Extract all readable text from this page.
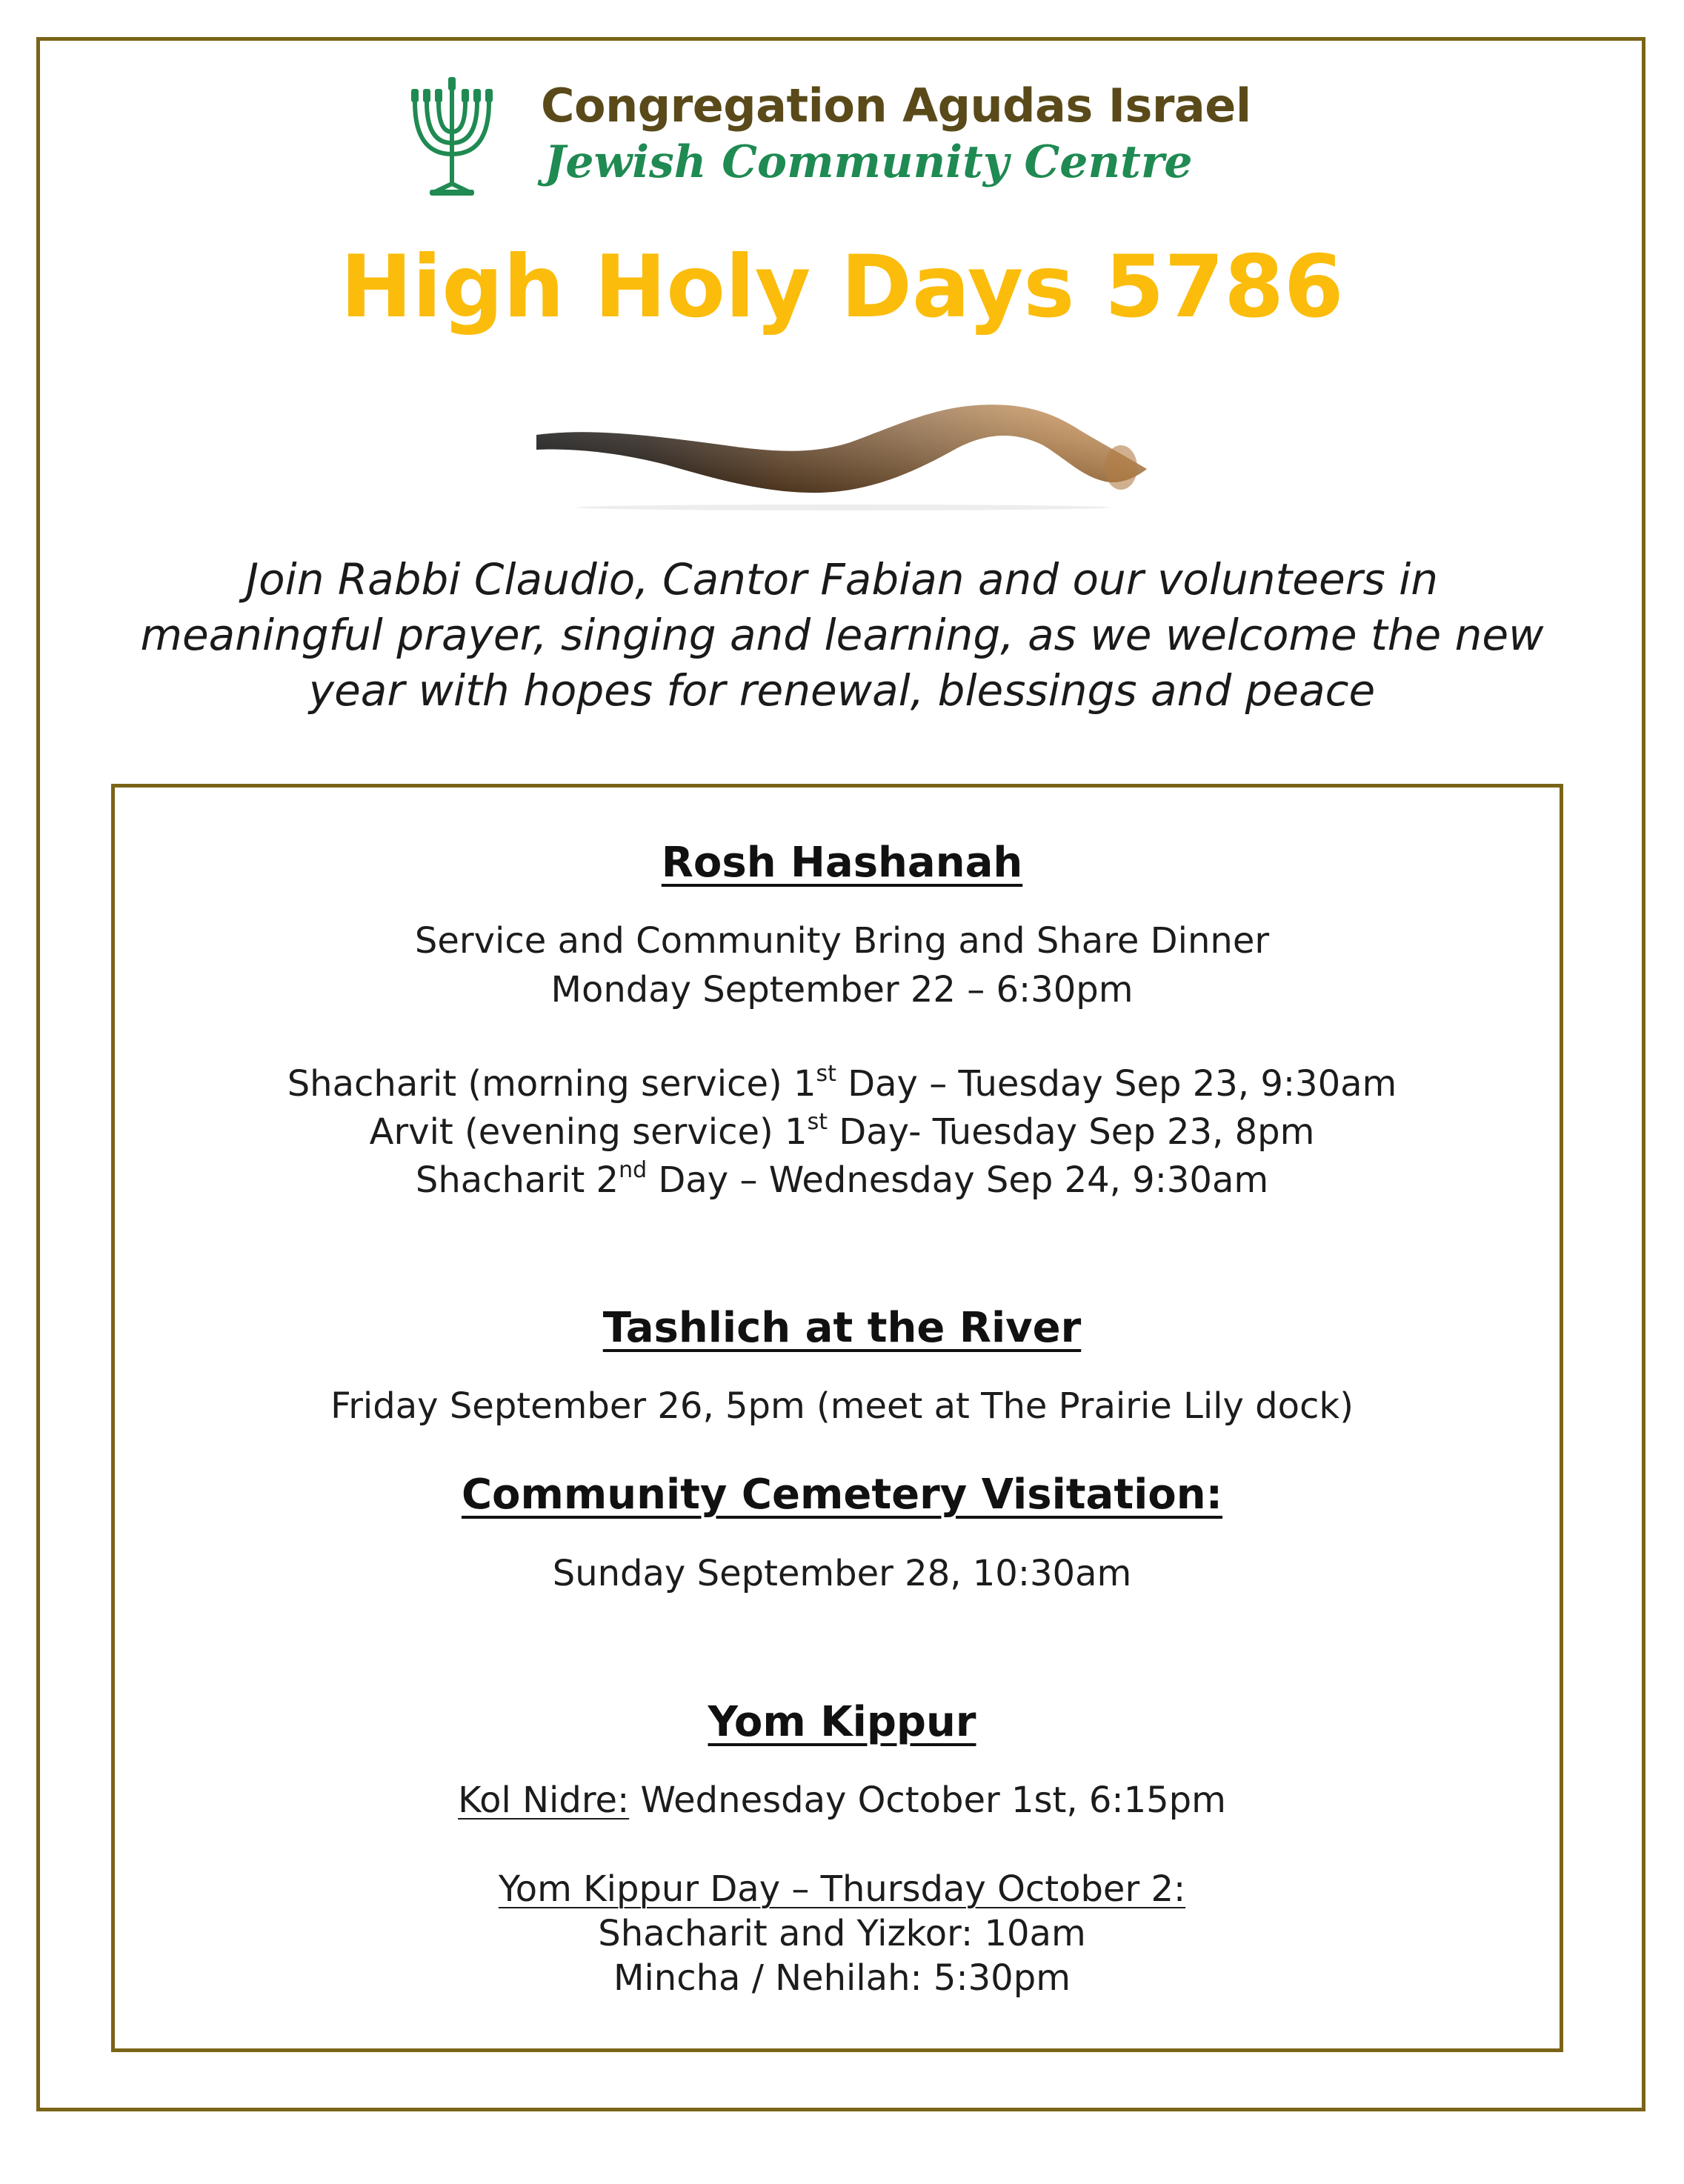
Congregation Agudas Israel
Jewish Community Centre
High Holy Days 5786
Join Rabbi Claudio, Cantor Fabian and our volunteers in
meaningful prayer, singing and learning, as we welcome the new
year with hopes for renewal, blessings and peace
Rosh Hashanah
Service and Community Bring and Share Dinner
Monday September 22 – 6:30pm
Shacharit (morning service) 1st Day – Tuesday Sep 23, 9:30am
Arvit (evening service) 1st Day- Tuesday Sep 23, 8pm
Shacharit 2nd Day – Wednesday Sep 24, 9:30am
Tashlich at the River
Friday September 26, 5pm (meet at The Prairie Lily dock)
Community Cemetery Visitation:
Sunday September 28, 10:30am
Yom Kippur
Kol Nidre: Wednesday October 1st, 6:15pm
Yom Kippur Day – Thursday October 2:
Shacharit and Yizkor: 10am
Mincha / Nehilah: 5:30pm
